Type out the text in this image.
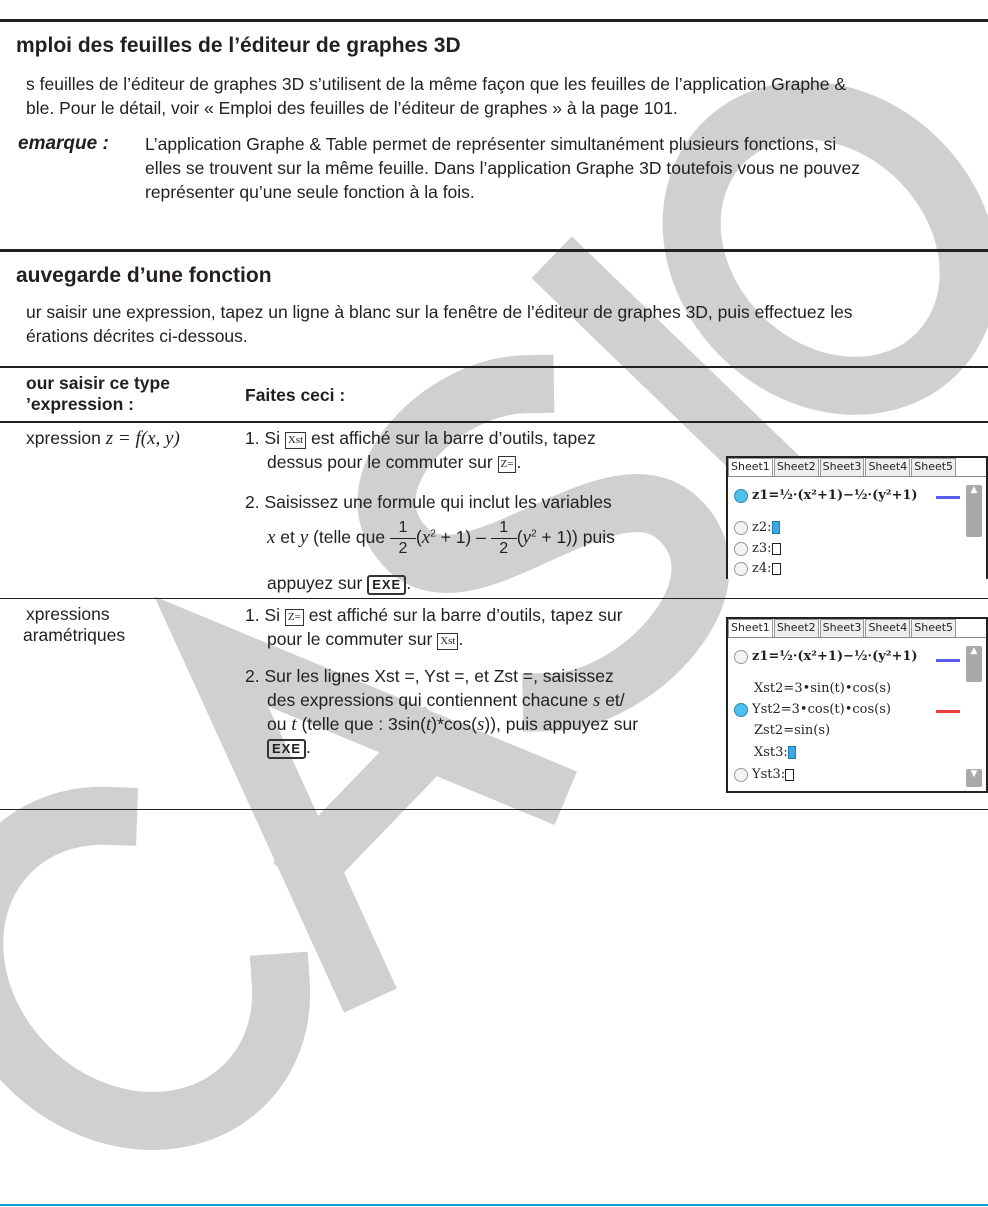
mploi des feuilles de l’éditeur de graphes 3D
s feuilles de l’éditeur de graphes 3D s’utilisent de la même façon que les feuilles de l’application Graphe &
ble. Pour le détail, voir « Emploi des feuilles de l’éditeur de graphes » à la page 101.
emarque : L’application Graphe & Table permet de représenter simultanément plusieurs fonctions, si
elles se trouvent sur la même feuille. Dans l’application Graphe 3D toutefois vous ne pouvez
représenter qu’une seule fonction à la fois.
auvegarde d’une fonction
ur saisir une expression, tapez un ligne à blanc sur la fenêtre de l’éditeur de graphes 3D, puis effectuez les
érations décrites ci-dessous.
our saisir ce type
’expression :	Faites ceci :
xpression z = f(x, y)	1. Si Xst est affiché sur la barre d’outils, tapez
dessus pour le commuter sur Z= .
2. Saisissez une formule qui inclut les variables
x et y (telle que $\frac{1}{2} (x^2 + 1) - \frac{1}{2} (y^2 + 1)$) puis
appuyez sur EXE .
Sheet1 Sheet2 Sheet3 Sheet4 Sheet5
z1=½·(x²+1)−½·(y²+1)
z2:
z3:
z4:
▲
xpressions
aramétriques
1. Si Z= est affiché sur la barre d’outils, tapez sur
pour le commuter sur Xst .
2. Sur les lignes Xst =, Yst =, et Zst =, saisissez
des expressions qui contiennent chacune s et/
ou t (telle que : 3sin(t)*cos(s)), puis appuyez sur
EXE .
Sheet1 Sheet2 Sheet3 Sheet4 Sheet5
z1=½·(x²+1)−½·(y²+1)
Xst2=3•sin(t)•cos(s)
Yst2=3•cos(t)•cos(s)
Zst2=sin(s)
Xst3:
Yst3:
▲
▼
